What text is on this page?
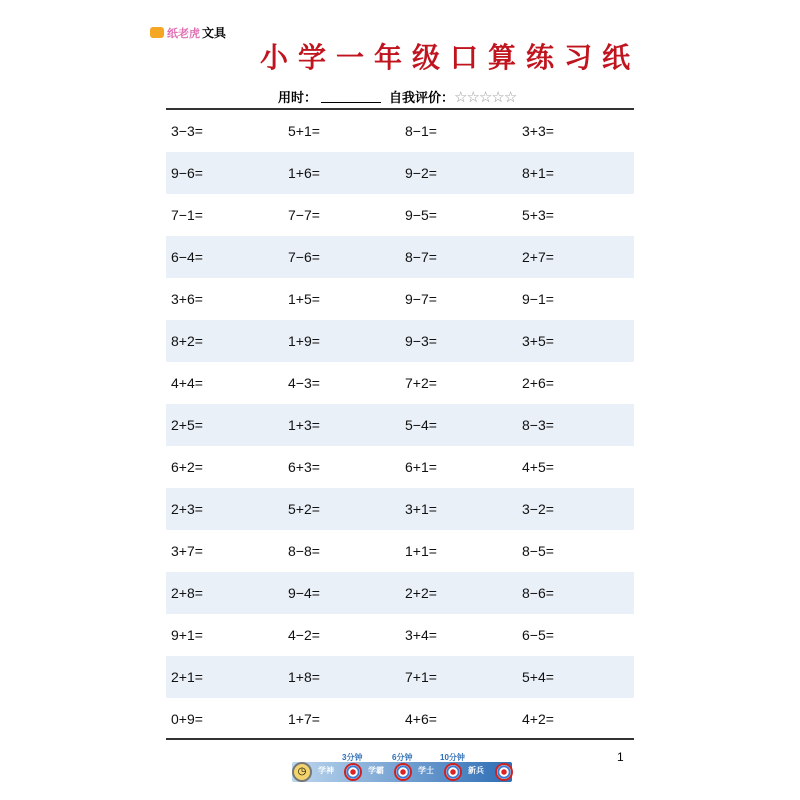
纸老虎 文具
小学一年级口算练习纸
用时：	自我评价： ☆☆☆☆☆
3−3=	5+1=	8−1=	3+3=
9−6=	1+6=	9−2=	8+1=
7−1=	7−7=	9−5=	5+3=
6−4=	7−6=	8−7=	2+7=
3+6=	1+5=	9−7=	9−1=
8+2=	1+9=	9−3=	3+5=
4+4=	4−3=	7+2=	2+6=
2+5=	1+3=	5−4=	8−3=
6+2=	6+3=	6+1=	4+5=
2+3=	5+2=	3+1=	3−2=
3+7=	8−8=	1+1=	8−5=
2+8=	9−4=	2+2=	8−6=
9+1=	4−2=	3+4=	6−5=
2+1=	1+8=	7+1=	5+4=
0+9=	1+7=	4+6=	4+2=
◷	学神	学霸	学士	新兵
3分钟	6分钟	10分钟	1
